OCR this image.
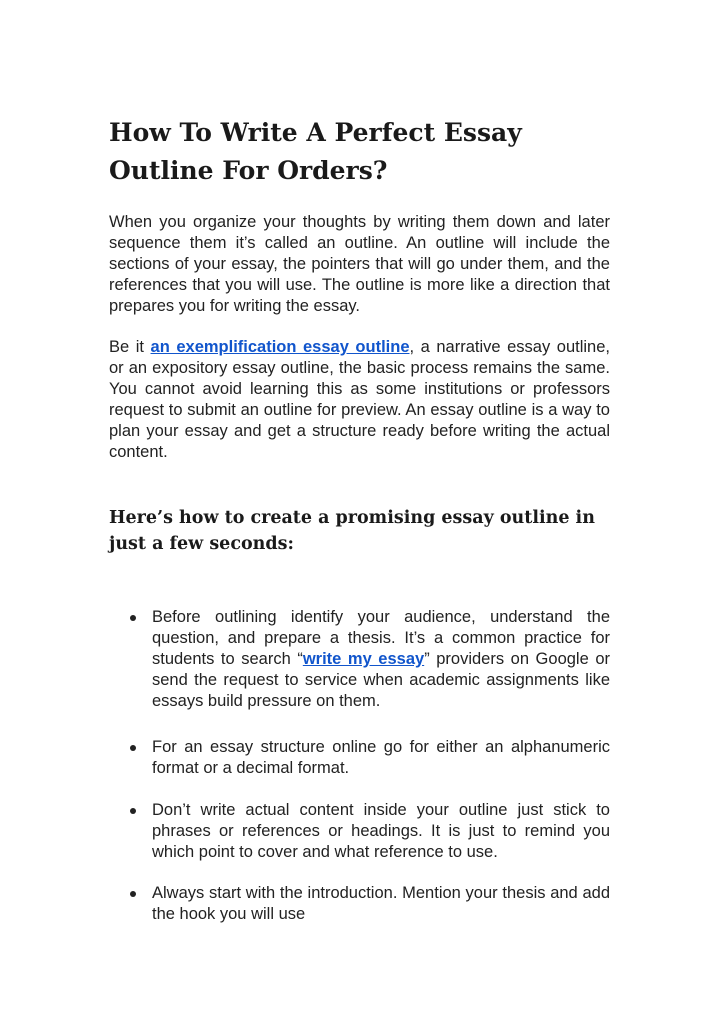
How To Write A Perfect Essay Outline For Orders?

When you organize your thoughts by writing them down and later sequence them it’s called an outline. An outline will include the sections of your essay, the pointers that will go under them, and the references that you will use. The outline is more like a direction that prepares you for writing the essay.

Be it an exemplification essay outline, a narrative essay outline, or an expository essay outline, the basic process remains the same. You cannot avoid learning this as some institutions or professors request to submit an outline for preview. An essay outline is a way to plan your essay and get a structure ready before writing the actual content.

Here’s how to create a promising essay outline in just a few seconds:
Before outlining identify your audience, understand the question, and prepare a thesis. It’s a common practice for students to search “write my essay” providers on Google or send the request to service when academic assignments like essays build pressure on them.
For an essay structure online go for either an alphanumeric format or a decimal format.
Don’t write actual content inside your outline just stick to phrases or references or headings. It is just to remind you which point to cover and what reference to use.
Always start with the introduction. Mention your thesis and add the hook you will use
